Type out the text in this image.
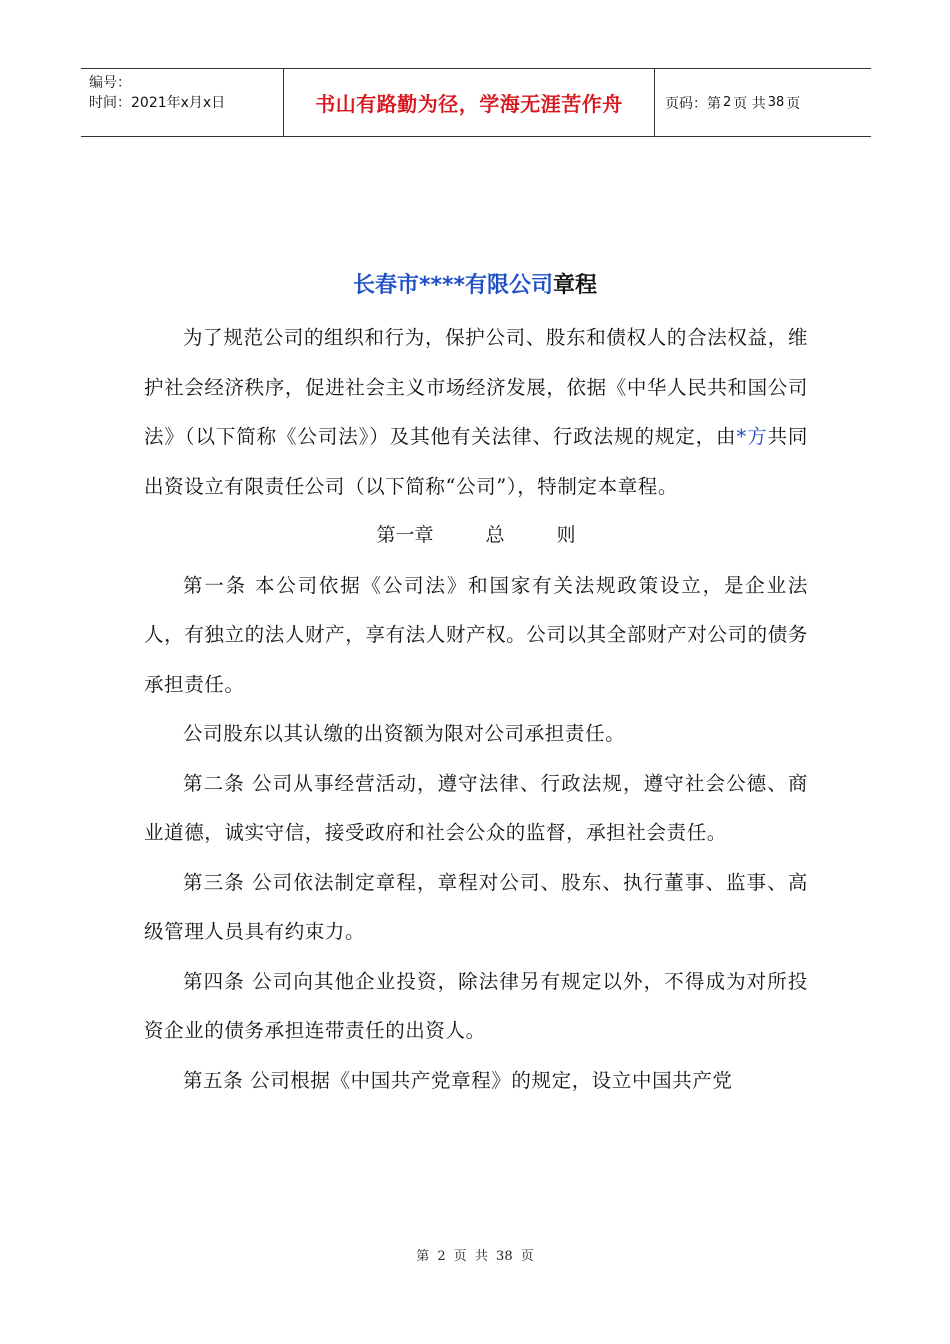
编号：
时间：2021年x月x日	书山有路勤为径，学海无涯苦作舟	页码：第 2 页 共 38 页
长春市****有限公司章程

为了规范公司的组织和行为，保护公司、股东和债权人的合法权益，维护社会经济秩序，促进社会主义市场经济发展，依据《中华人民共和国公司法》（以下简称《公司法》）及其他有关法律、行政法规的规定，由*方共同出资设立有限责任公司（以下简称“公司”），特制定本章程。

第一章	总	则

第一条 本公司依据《公司法》和国家有关法规政策设立，是企业法人，有独立的法人财产，享有法人财产权。公司以其全部财产对公司的债务承担责任。

公司股东以其认缴的出资额为限对公司承担责任。

第二条 公司从事经营活动，遵守法律、行政法规，遵守社会公德、商业道德，诚实守信，接受政府和社会公众的监督，承担社会责任。

第三条 公司依法制定章程，章程对公司、股东、执行董事、监事、高级管理人员具有约束力。

第四条 公司向其他企业投资，除法律另有规定以外，不得成为对所投资企业的债务承担连带责任的出资人。

第五条 公司根据《中国共产党章程》的规定，设立中国共产党

第 2 页 共 38 页
